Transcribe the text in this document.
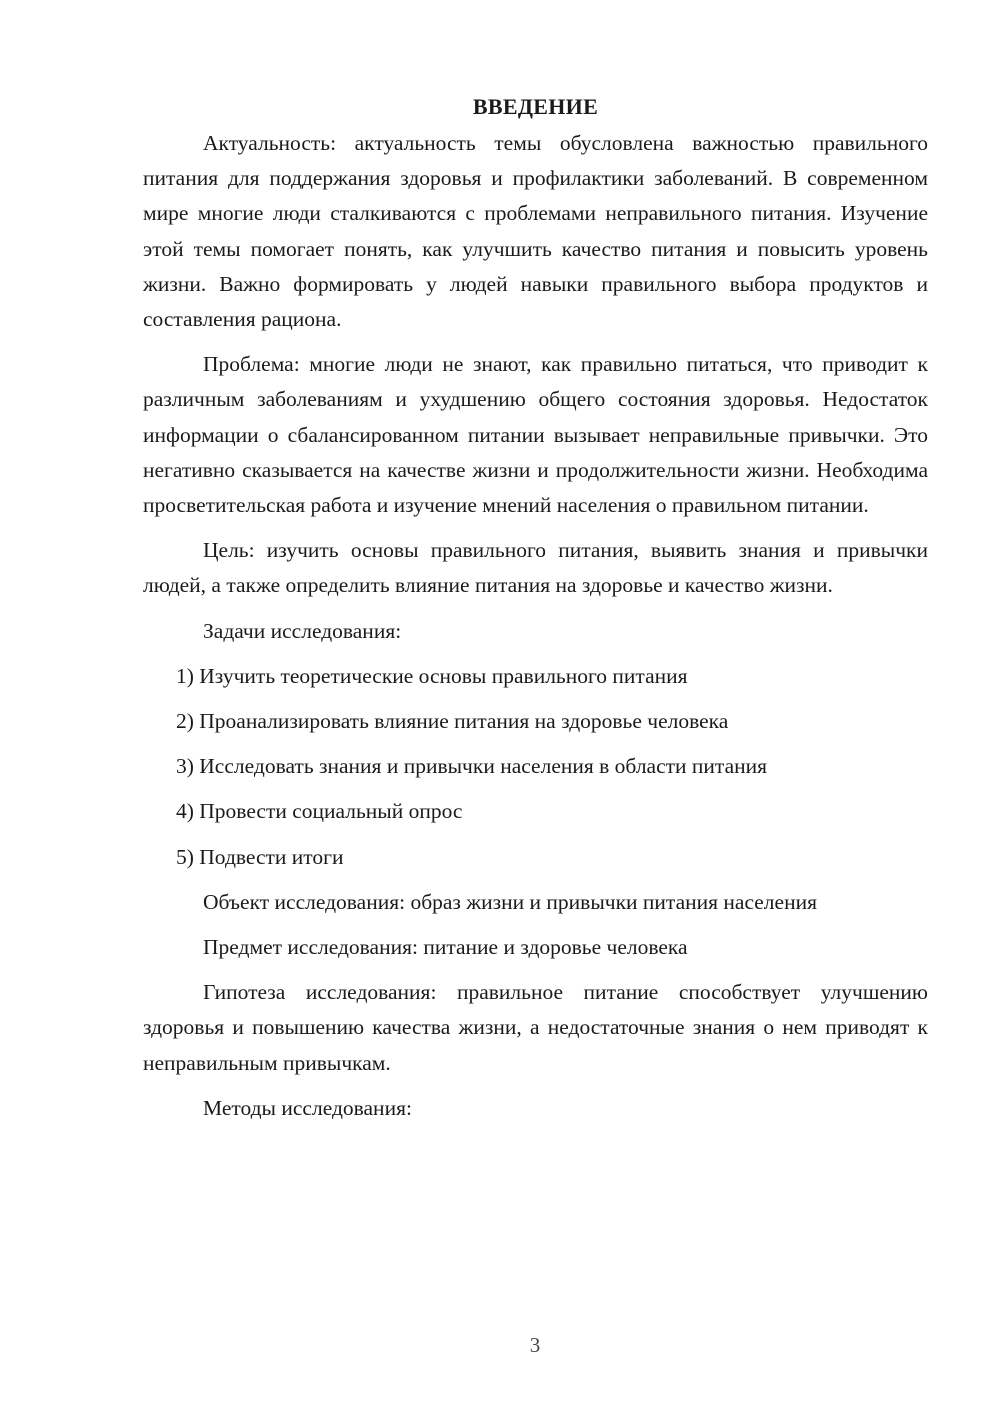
ВВЕДЕНИЕ

Актуальность: актуальность темы обусловлена важностью правильного питания для поддержания здоровья и профилактики заболеваний. В современном мире многие люди сталкиваются с проблемами неправильного питания. Изучение этой темы помогает понять, как улучшить качество питания и повысить уровень жизни. Важно формировать у людей навыки правильного выбора продуктов и составления рациона.

Проблема: многие люди не знают, как правильно питаться, что приводит к различным заболеваниям и ухудшению общего состояния здоровья. Недостаток информации о сбалансированном питании вызывает неправильные привычки. Это негативно сказывается на качестве жизни и продолжительности жизни. Необходима просветительская работа и изучение мнений населения о правильном питании.

Цель: изучить основы правильного питания, выявить знания и привычки людей, а также определить влияние питания на здоровье и качество жизни.

Задачи исследования:
1) Изучить теоретические основы правильного питания
2) Проанализировать влияние питания на здоровье человека
3) Исследовать знания и привычки населения в области питания
4) Провести социальный опрос
5) Подвести итоги
Объект исследования: образ жизни и привычки питания населения
Предмет исследования: питание и здоровье человека

Гипотеза исследования: правильное питание способствует улучшению здоровья и повышению качества жизни, а недостаточные знания о нем приводят к неправильным привычкам.

Методы исследования:
3
